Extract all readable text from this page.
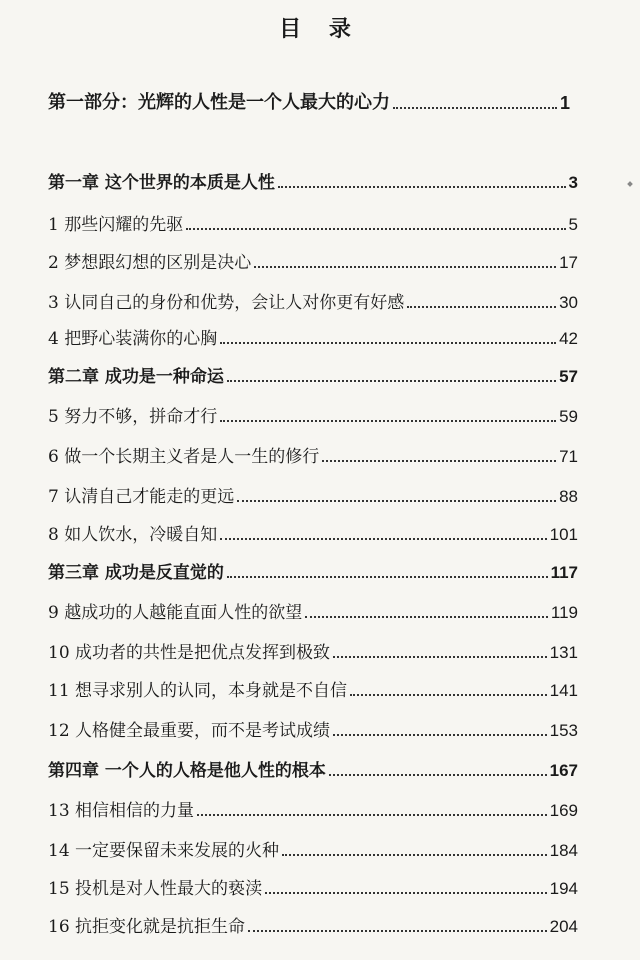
目 录
第一部分：光辉的人性是一个人最大的心力	1
第一章 这个世界的本质是人性	3
1 那些闪耀的先驱	5
2 梦想跟幻想的区别是决心	17
3 认同自己的身份和优势，会让人对你更有好感	30
4 把野心装满你的心胸	42
第二章 成功是一种命运	57
5 努力不够，拼命才行	59
6 做一个长期主义者是人一生的修行	71
7 认清自己才能走的更远	88
8 如人饮水，冷暖自知	101
第三章 成功是反直觉的	117
9 越成功的人越能直面人性的欲望	119
10 成功者的共性是把优点发挥到极致	131
11 想寻求别人的认同，本身就是不自信	141
12 人格健全最重要，而不是考试成绩	153
第四章 一个人的人格是他人性的根本	167
13 相信相信的力量	169
14 一定要保留未来发展的火种	184
15 投机是对人性最大的亵渎	194
16 抗拒变化就是抗拒生命	204
